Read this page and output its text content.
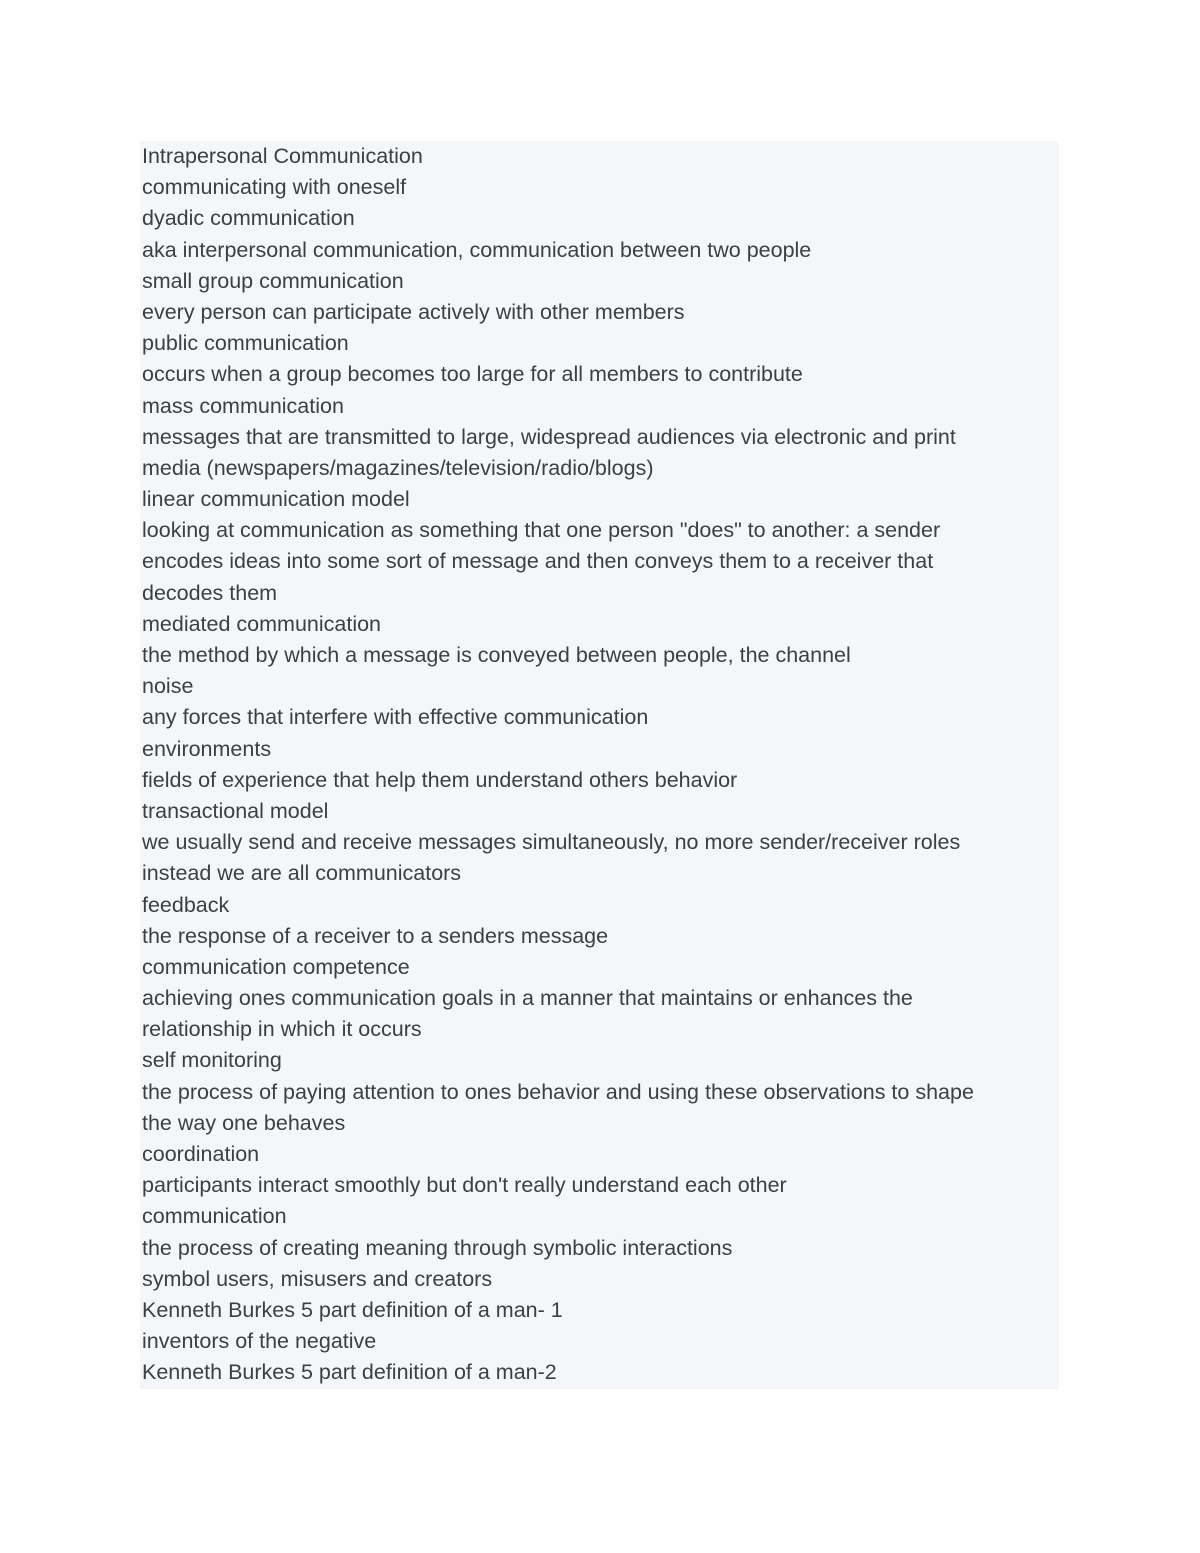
Intrapersonal Communication
communicating with oneself
dyadic communication
aka interpersonal communication, communication between two people
small group communication
every person can participate actively with other members
public communication
occurs when a group becomes too large for all members to contribute
mass communication
messages that are transmitted to large, widespread audiences via electronic and print
media (newspapers/magazines/television/radio/blogs)
linear communication model
looking at communication as something that one person "does" to another: a sender
encodes ideas into some sort of message and then conveys them to a receiver that
decodes them
mediated communication
the method by which a message is conveyed between people, the channel
noise
any forces that interfere with effective communication
environments
fields of experience that help them understand others behavior
transactional model
we usually send and receive messages simultaneously, no more sender/receiver roles
instead we are all communicators
feedback
the response of a receiver to a senders message
communication competence
achieving ones communication goals in a manner that maintains or enhances the
relationship in which it occurs
self monitoring
the process of paying attention to ones behavior and using these observations to shape
the way one behaves
coordination
participants interact smoothly but don't really understand each other
communication
the process of creating meaning through symbolic interactions
symbol users, misusers and creators
Kenneth Burkes 5 part definition of a man- 1
inventors of the negative
Kenneth Burkes 5 part definition of a man-2
